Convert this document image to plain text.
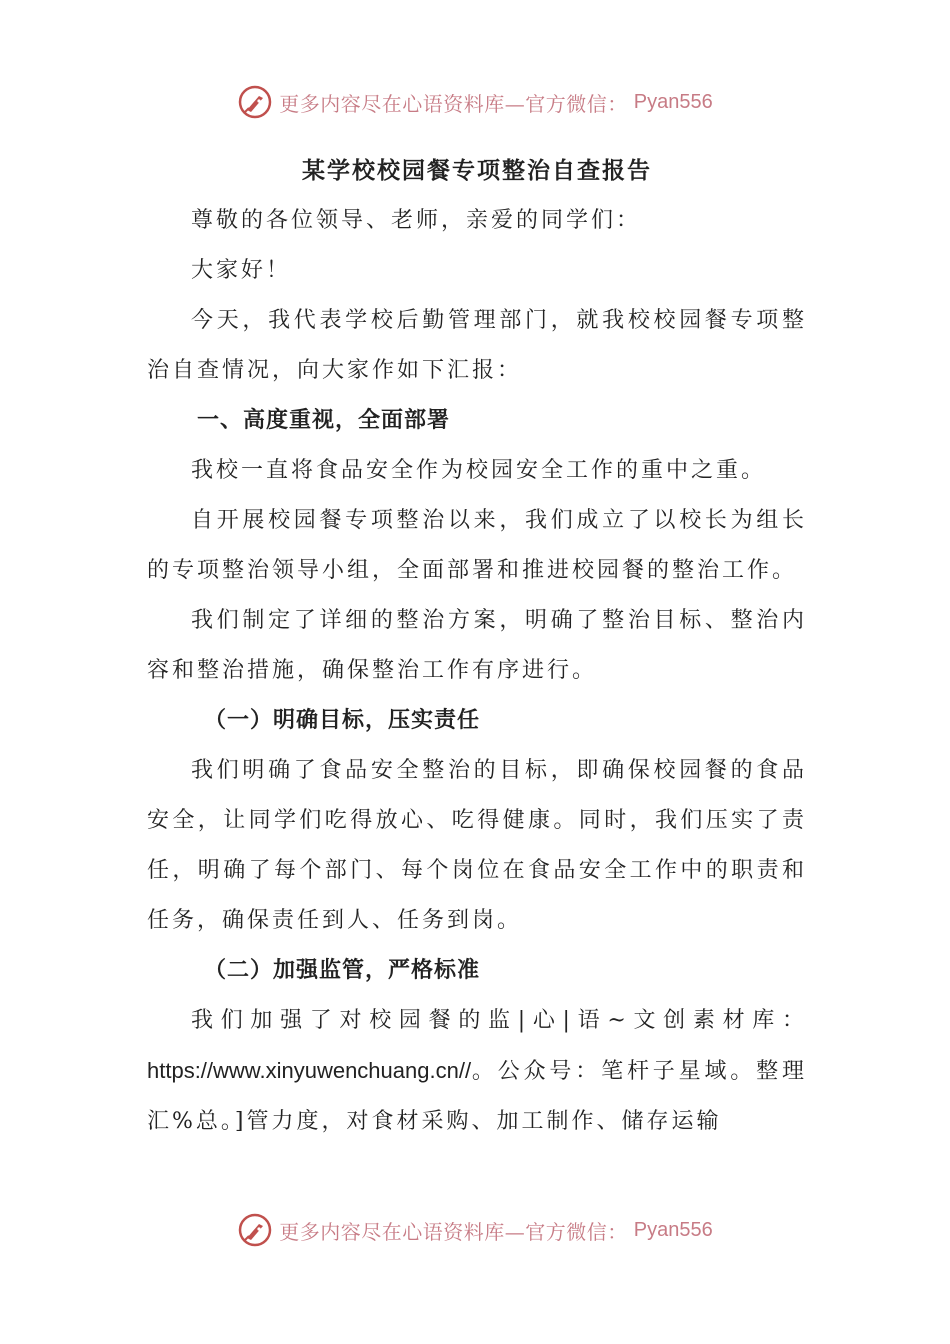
更多内容尽在心语资料库—官方微信： Pyan556
某学校校园餐专项整治自查报告

尊敬的各位领导、老师，亲爱的同学们：

大家好！

今天，我代表学校后勤管理部门，就我校校园餐专项整治自查情况，向大家作如下汇报：

一、高度重视，全面部署

我校一直将食品安全作为校园安全工作的重中之重。

自开展校园餐专项整治以来，我们成立了以校长为组长的专项整治领导小组，全面部署和推进校园餐的整治工作。

我们制定了详细的整治方案，明确了整治目标、整治内容和整治措施，确保整治工作有序进行。

（一）明确目标，压实责任

我们明确了食品安全整治的目标，即确保校园餐的食品安全，让同学们吃得放心、吃得健康。同时，我们压实了责任，明确了每个部门、每个岗位在食品安全工作中的职责和任务，确保责任到人、任务到岗。

（二）加强监管，严格标准

我们加强了对校园餐的监|心|语~文创素材库：https://www.xinyuwenchuang.cn//。公众号：笔杆子星域。整理汇%总。]管力度，对食材采购、加工制作、储存运输

更多内容尽在心语资料库—官方微信： Pyan556
